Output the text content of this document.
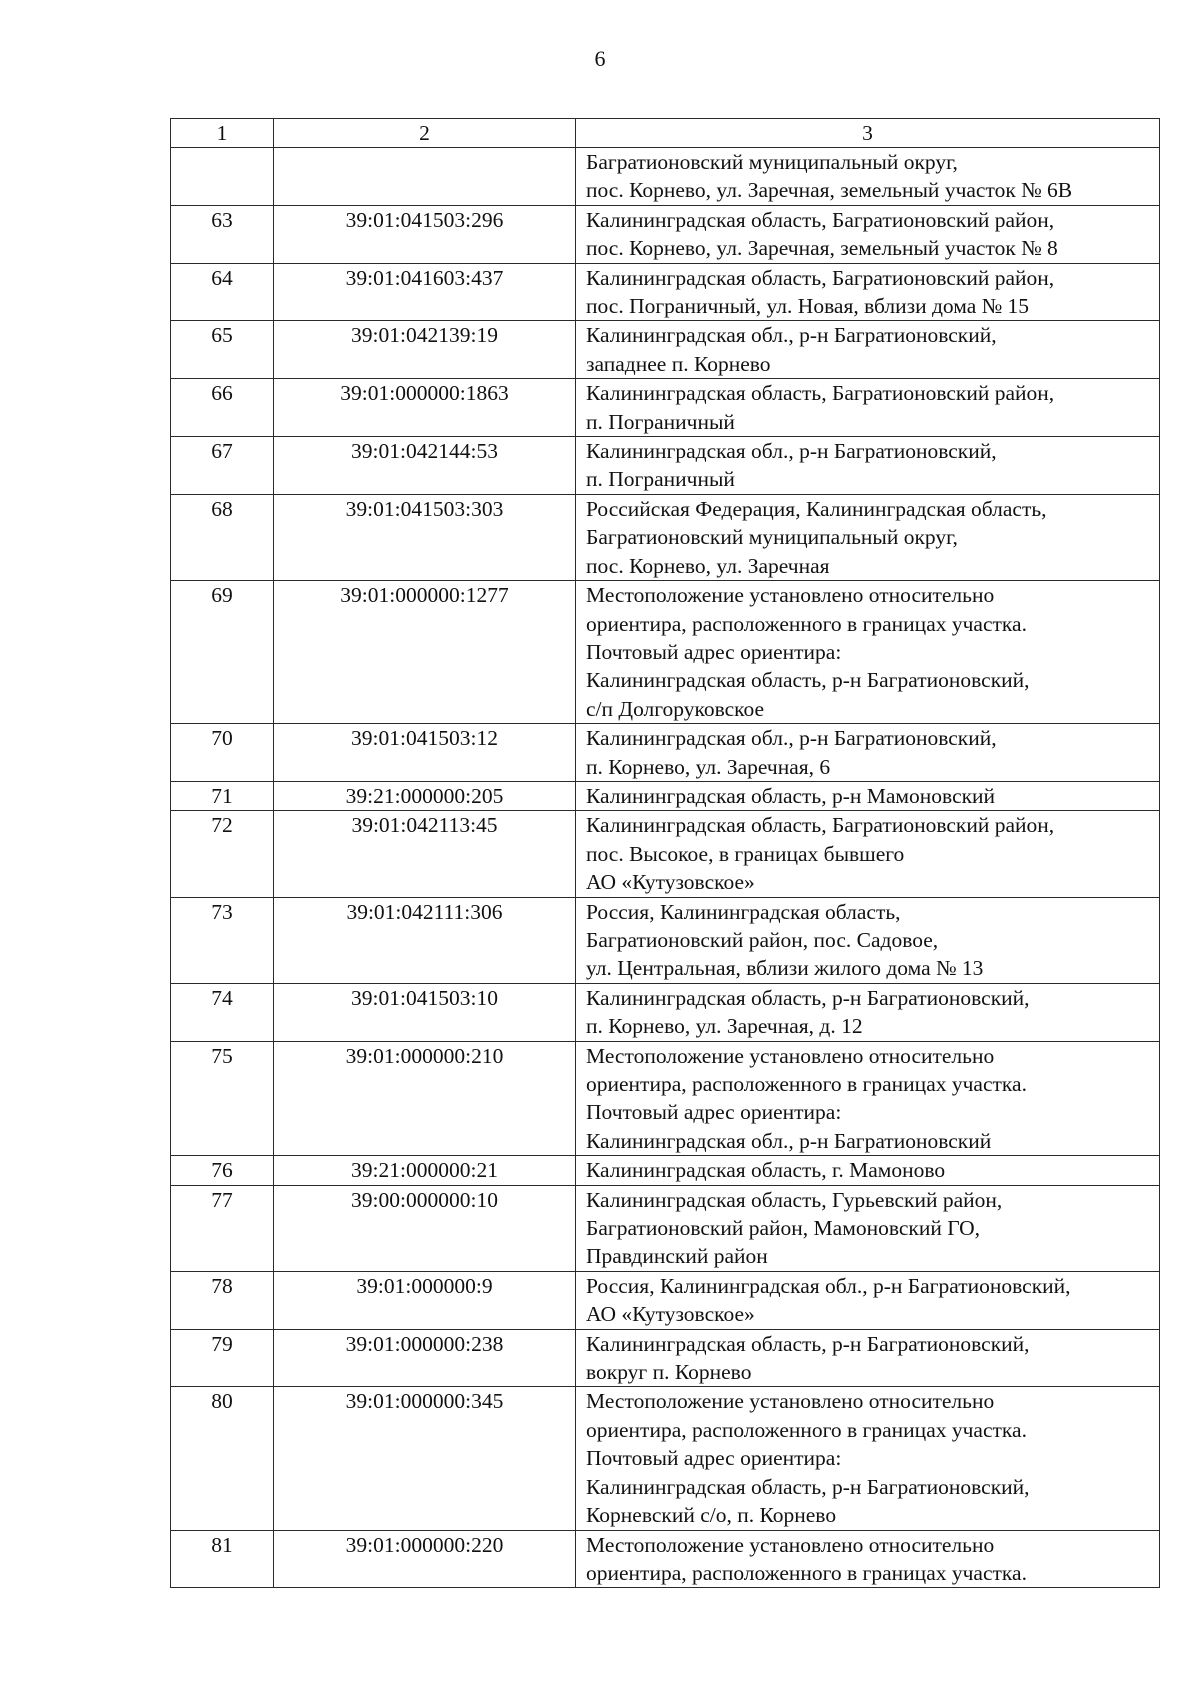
6
1	2	3

		Багратионовский муниципальный округ,
пос. Корнево, ул. Заречная, земельный участок № 6В

63	39:01:041503:296	Калининградская область, Багратионовский район,
пос. Корнево, ул. Заречная, земельный участок № 8

64	39:01:041603:437	Калининградская область, Багратионовский район,
пос. Пограничный, ул. Новая, вблизи дома № 15

65	39:01:042139:19	Калининградская обл., р-н Багратионовский,
западнее п. Корнево

66	39:01:000000:1863	Калининградская область, Багратионовский район,
п. Пограничный

67	39:01:042144:53	Калининградская обл., р-н Багратионовский,
п. Пограничный

68	39:01:041503:303	Российская Федерация, Калининградская область,
Багратионовский муниципальный округ,
пос. Корнево, ул. Заречная

69	39:01:000000:1277	Местоположение установлено относительно
ориентира, расположенного в границах участка.
Почтовый адрес ориентира:
Калининградская область, р-н Багратионовский,
с/п Долгоруковское

70	39:01:041503:12	Калининградская обл., р-н Багратионовский,
п. Корнево, ул. Заречная, 6

71	39:21:000000:205	Калининградская область, р-н Мамоновский

72	39:01:042113:45	Калининградская область, Багратионовский район,
пос. Высокое, в границах бывшего
АО «Кутузовское»

73	39:01:042111:306	Россия, Калининградская область,
Багратионовский район, пос. Садовое,
ул. Центральная, вблизи жилого дома № 13

74	39:01:041503:10	Калининградская область, р-н Багратионовский,
п. Корнево, ул. Заречная, д. 12

75	39:01:000000:210	Местоположение установлено относительно
ориентира, расположенного в границах участка.
Почтовый адрес ориентира:
Калининградская обл., р-н Багратионовский

76	39:21:000000:21	Калининградская область, г. Мамоново

77	39:00:000000:10	Калининградская область, Гурьевский район,
Багратионовский район, Мамоновский ГО,
Правдинский район

78	39:01:000000:9	Россия, Калининградская обл., р-н Багратионовский,
АО «Кутузовское»

79	39:01:000000:238	Калининградская область, р-н Багратионовский,
вокруг п. Корнево

80	39:01:000000:345	Местоположение установлено относительно
ориентира, расположенного в границах участка.
Почтовый адрес ориентира:
Калининградская область, р-н Багратионовский,
Корневский с/о, п. Корнево

81	39:01:000000:220	Местоположение установлено относительно
ориентира, расположенного в границах участка.
